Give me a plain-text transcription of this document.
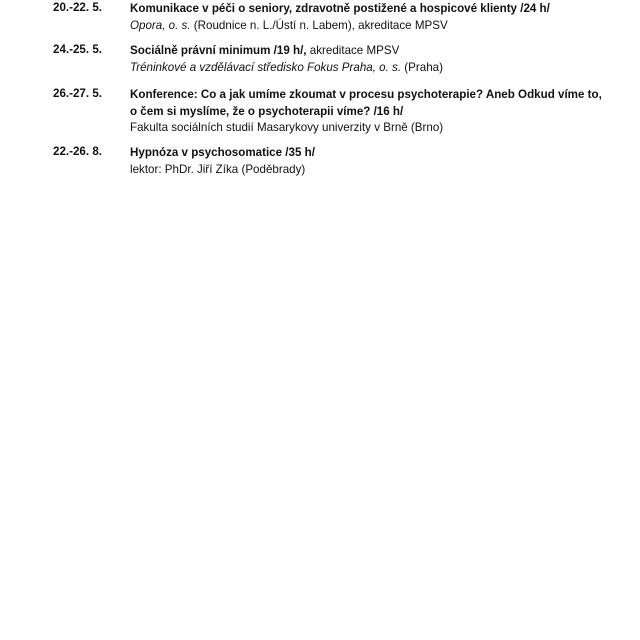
20.-22. 5. Komunikace v péči o seniory, zdravotně postižené a hospicové klienty /24 h/
Opora, o. s. (Roudnice n. L./Ústí n. Labem), akreditace MPSV
24.-25. 5. Sociálně právní minimum /19 h/, akreditace MPSV
Tréninkové a vzdělávací středisko Fokus Praha, o. s. (Praha)
26.-27. 5. Konference: Co a jak umíme zkoumat v procesu psychoterapie? Aneb Odkud víme to,
o čem si myslíme, že o psychoterapii víme? /16 h/
Fakulta sociálních studií Masarykovy univerzity v Brně (Brno)
22.-26. 8. Hypnóza v psychosomatice /35 h/
lektor: PhDr. Jiří Zíka (Poděbrady)
